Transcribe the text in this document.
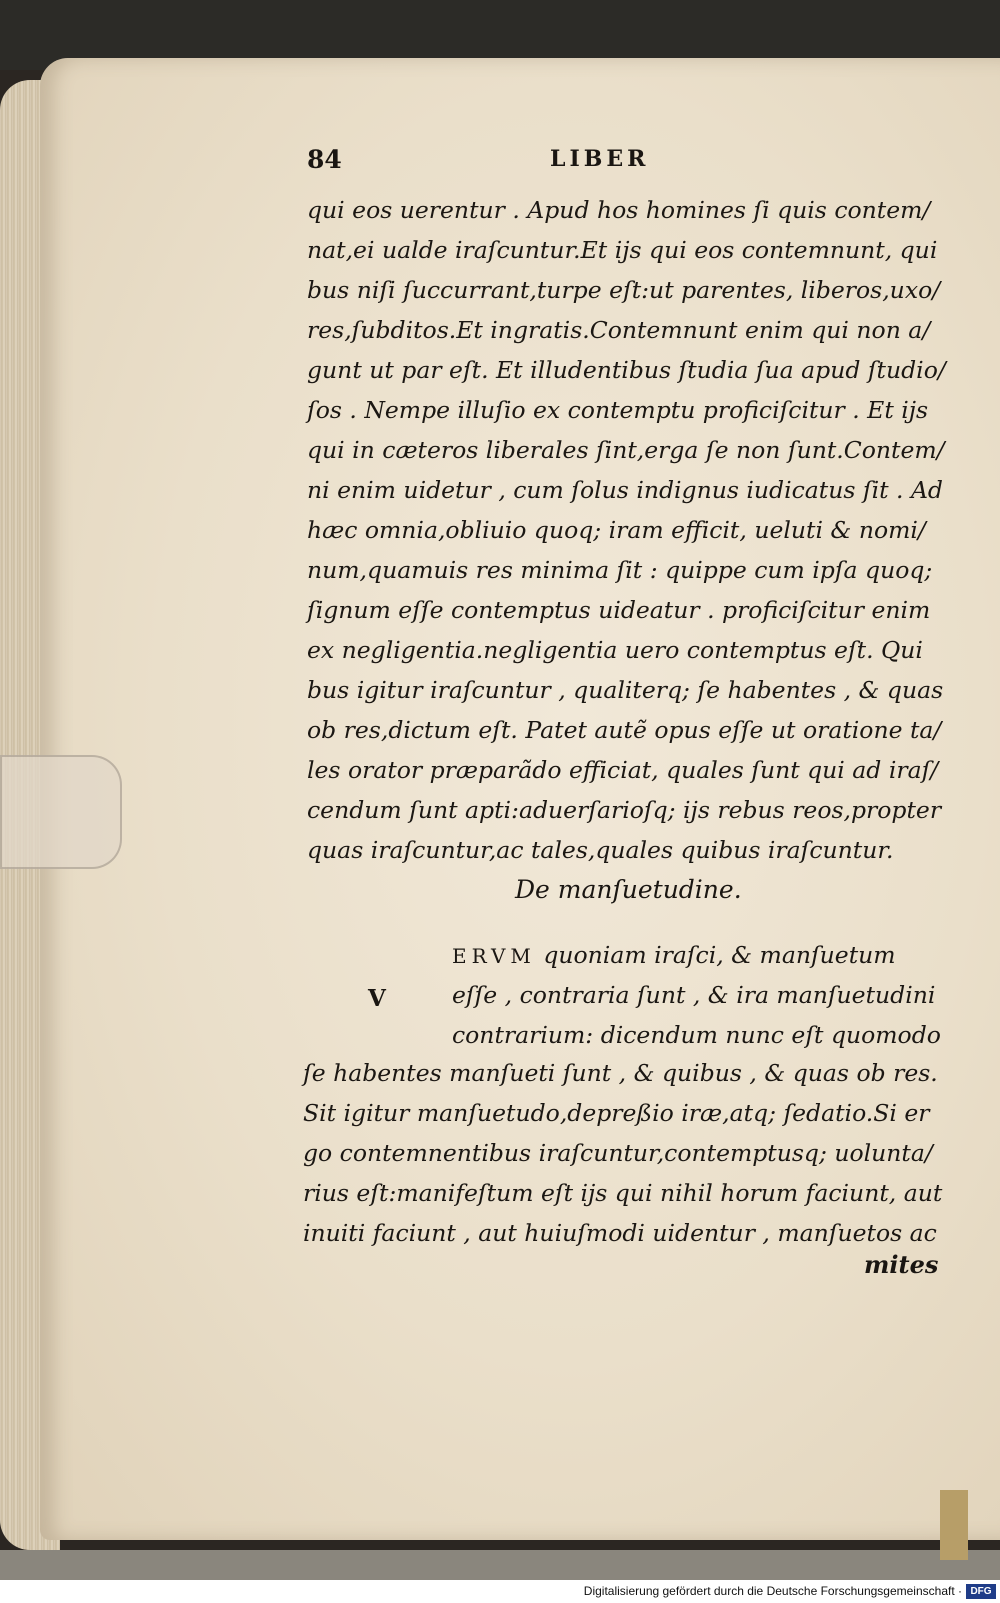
84	LIBER
qui eos uerentur . Apud hos homines ſi quis contem/
nat,ei ualde iraſcuntur.Et ijs qui eos contemnunt, qui
bus niſi ſuccurrant,turpe eſt:ut parentes, liberos,uxo/
res,ſubditos.Et ingratis.Contemnunt enim qui non a/
gunt ut par eſt. Et illudentibus ſtudia ſua apud ſtudio/
ſos . Nempe illuſio ex contemptu proficiſcitur . Et ijs
qui in cæteros liberales ſint,erga ſe non ſunt.Contem/
ni enim uidetur , cum ſolus indignus iudicatus ſit . Ad
hæc omnia,obliuio quoq; iram efficit, ueluti & nomi/
num,quamuis res minima ſit : quippe cum ipſa quoq;
ſignum eſſe contemptus uideatur . proficiſcitur enim
ex negligentia.negligentia uero contemptus eſt. Qui
bus igitur iraſcuntur , qualiterq; ſe habentes , & quas
ob res,dictum eſt. Patet autẽ opus eſſe ut oratione ta/
les orator præparãdo efficiat, quales ſunt qui ad iraſ/
cendum ſunt apti:aduerſarioſq; ijs rebus reos,propter
quas iraſcuntur,ac tales,quales quibus iraſcuntur.
De manſuetudine.
V
ERVM quoniam iraſci, & manſuetum
eſſe , contraria ſunt , & ira manſuetudini
contrarium: dicendum nunc eſt quomodo
ſe habentes manſueti ſunt , & quibus , & quas ob res.
Sit igitur manſuetudo,depreßio iræ,atq; ſedatio.Si er
go contemnentibus iraſcuntur,contemptusq; uolunta/
rius eſt:manifeſtum eſt ijs qui nihil horum faciunt, aut
inuiti faciunt , aut huiuſmodi uidentur , manſuetos ac
mites
Digitalisierung gefördert durch die Deutsche Forschungsgemeinschaft · DFG
